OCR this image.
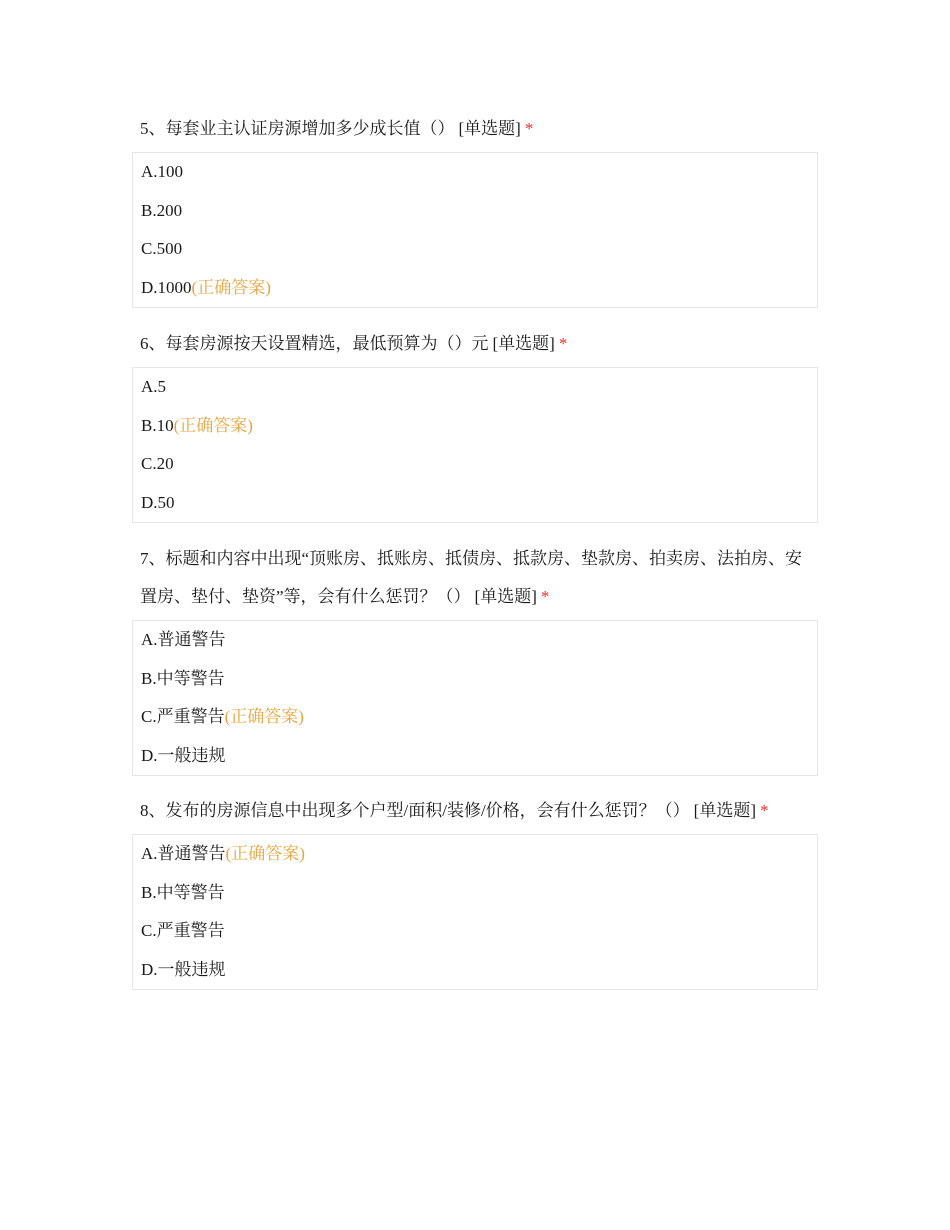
5、每套业主认证房源增加多少成长值（） [单选题] *

A.100
B.200
C.500
D.1000(正确答案)

6、每套房源按天设置精选，最低预算为（）元 [单选题] *

A.5
B.10(正确答案)
C.20
D.50

7、标题和内容中出现“顶账房、抵账房、抵债房、抵款房、垫款房、拍卖房、法拍房、安置房、垫付、垫资”等，会有什么惩罚？（） [单选题] *

A.普通警告
B.中等警告
C.严重警告(正确答案)
D.一般违规

8、发布的房源信息中出现多个户型/面积/装修/价格，会有什么惩罚？（） [单选题] *

A.普通警告(正确答案)
B.中等警告
C.严重警告
D.一般违规
